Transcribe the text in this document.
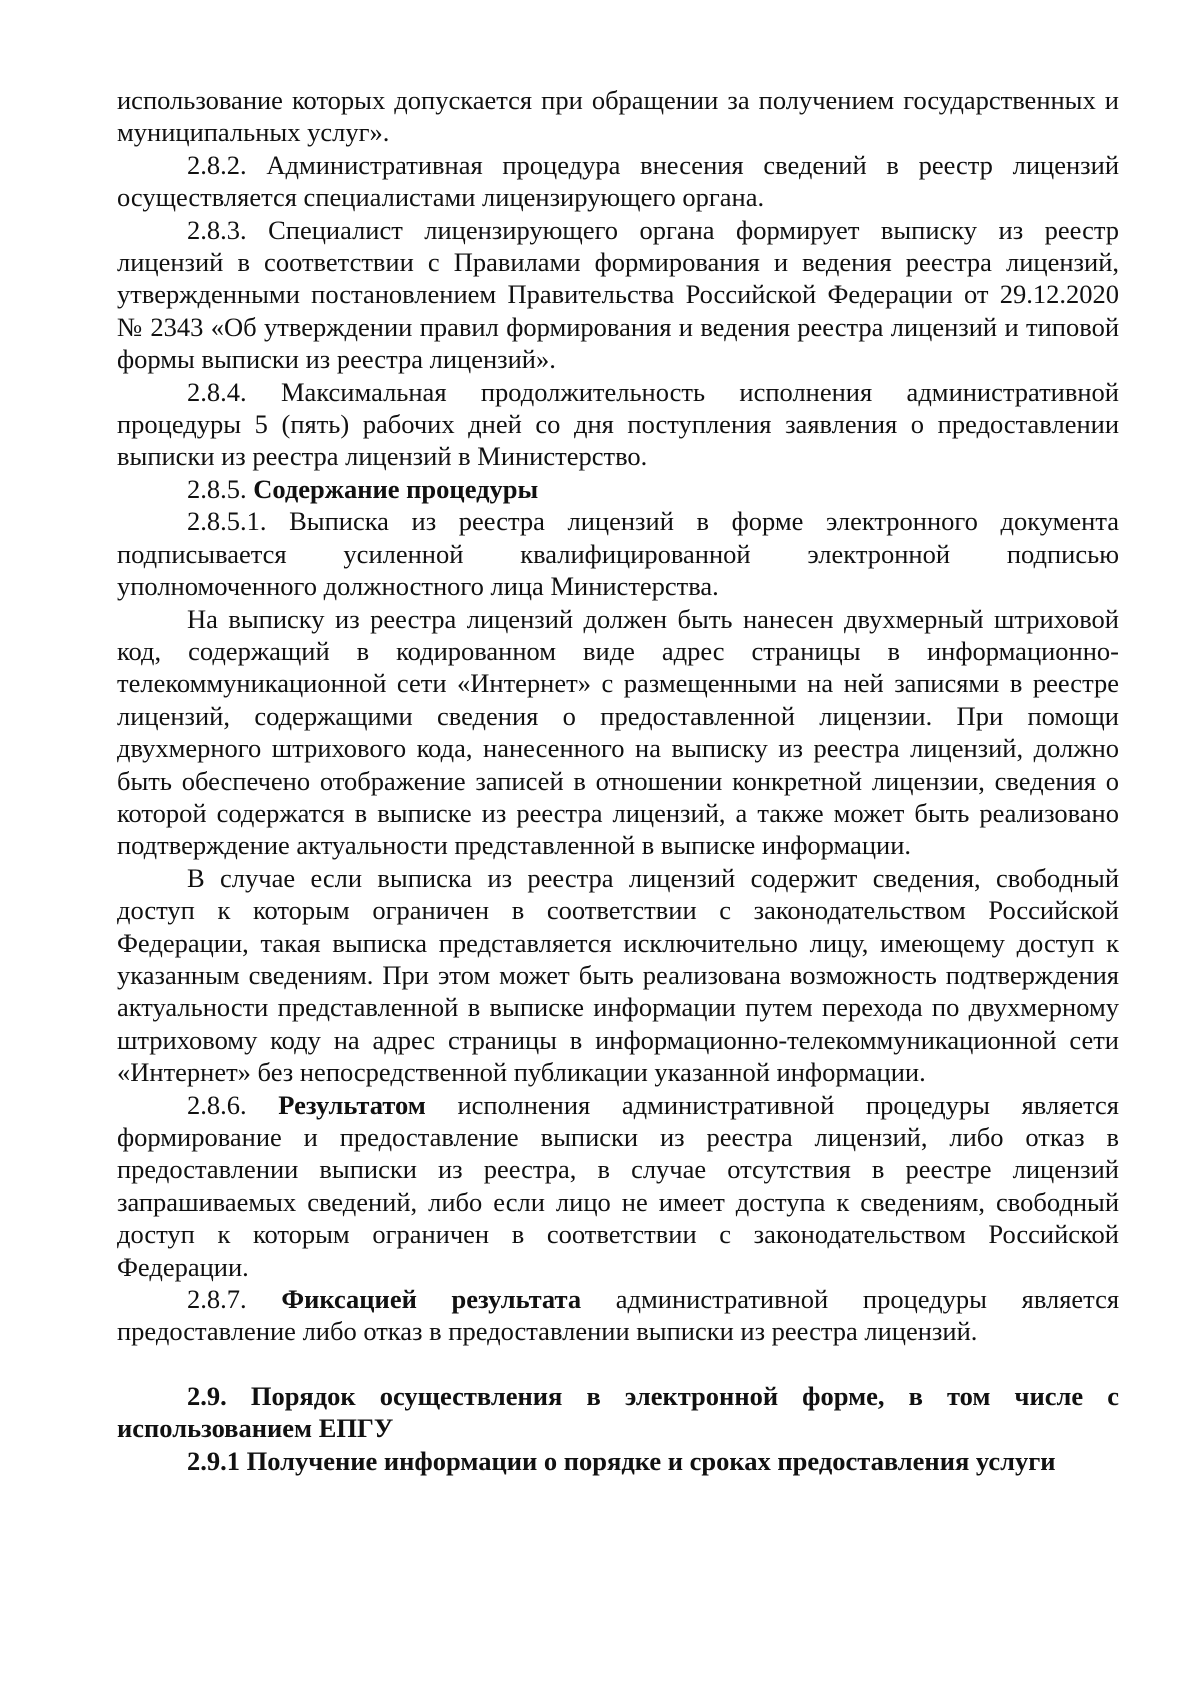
использование которых допускается при обращении за получением государственных и муниципальных услуг».

2.8.2. Административная процедура внесения сведений в реестр лицензий осуществляется специалистами лицензирующего органа.

2.8.3. Специалист лицензирующего органа формирует выписку из реестр лицензий в соответствии с Правилами формирования и ведения реестра лицензий, утвержденными постановлением Правительства Российской Федерации от 29.12.2020 № 2343 «Об утверждении правил формирования и ведения реестра лицензий и типовой формы выписки из реестра лицензий».

2.8.4. Максимальная продолжительность исполнения административной процедуры 5 (пять) рабочих дней со дня поступления заявления о предоставлении выписки из реестра лицензий в Министерство.

2.8.5. Содержание процедуры

2.8.5.1. Выписка из реестра лицензий в форме электронного документа подписывается усиленной квалифицированной электронной подписью уполномоченного должностного лица Министерства.

На выписку из реестра лицензий должен быть нанесен двухмерный штриховой код, содержащий в кодированном виде адрес страницы в информационно-телекоммуникационной сети «Интернет» с размещенными на ней записями в реестре лицензий, содержащими сведения о предоставленной лицензии. При помощи двухмерного штрихового кода, нанесенного на выписку из реестра лицензий, должно быть обеспечено отображение записей в отношении конкретной лицензии, сведения о которой содержатся в выписке из реестра лицензий, а также может быть реализовано подтверждение актуальности представленной в выписке информации.

В случае если выписка из реестра лицензий содержит сведения, свободный доступ к которым ограничен в соответствии с законодательством Российской Федерации, такая выписка представляется исключительно лицу, имеющему доступ к указанным сведениям. При этом может быть реализована возможность подтверждения актуальности представленной в выписке информации путем перехода по двухмерному штриховому коду на адрес страницы в информационно-телекоммуникационной сети «Интернет» без непосредственной публикации указанной информации.

2.8.6. Результатом исполнения административной процедуры является формирование и предоставление выписки из реестра лицензий, либо отказ в предоставлении выписки из реестра, в случае отсутствия в реестре лицензий запрашиваемых сведений, либо если лицо не имеет доступа к сведениям, свободный доступ к которым ограничен в соответствии с законодательством Российской Федерации.

2.8.7. Фиксацией результата административной процедуры является предоставление либо отказ в предоставлении выписки из реестра лицензий.

2.9. Порядок осуществления в электронной форме, в том числе с использованием ЕПГУ

2.9.1 Получение информации о порядке и сроках предоставления услуги
